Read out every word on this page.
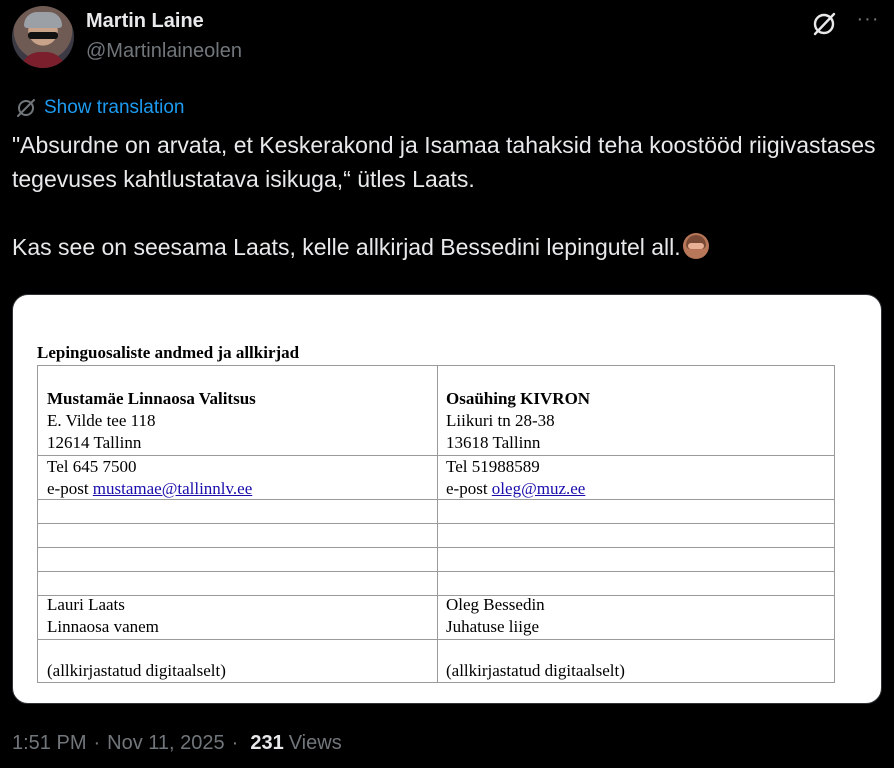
Martin Laine
@Martinlaineolen
···
Show translation

"Absurdne on arvata, et Keskerakond ja Isamaa tahaksid teha koostööd riigivastases tegevuses kahtlustatava isikuga,“ ütles Laats.

Kas see on seesama Laats, kelle allkirjad Bessedini lepingutel all.

Lepinguosaliste andmed ja allkirjad
Mustamäe Linnaosa Valitsus
E. Vilde tee 118
12614 Tallinn
Tel 645 7500
e-post mustamae@tallinnlv.ee
Lauri Laats
Linnaosa vanem
(allkirjastatud digitaalselt)
Osaühing KIVRON
Liikuri tn 28-38
13618 Tallinn
Tel 51988589
e-post oleg@muz.ee
Oleg Bessedin
Juhatuse liige
(allkirjastatud digitaalselt)
1:51 PM · Nov 11, 2025 · 231 Views
